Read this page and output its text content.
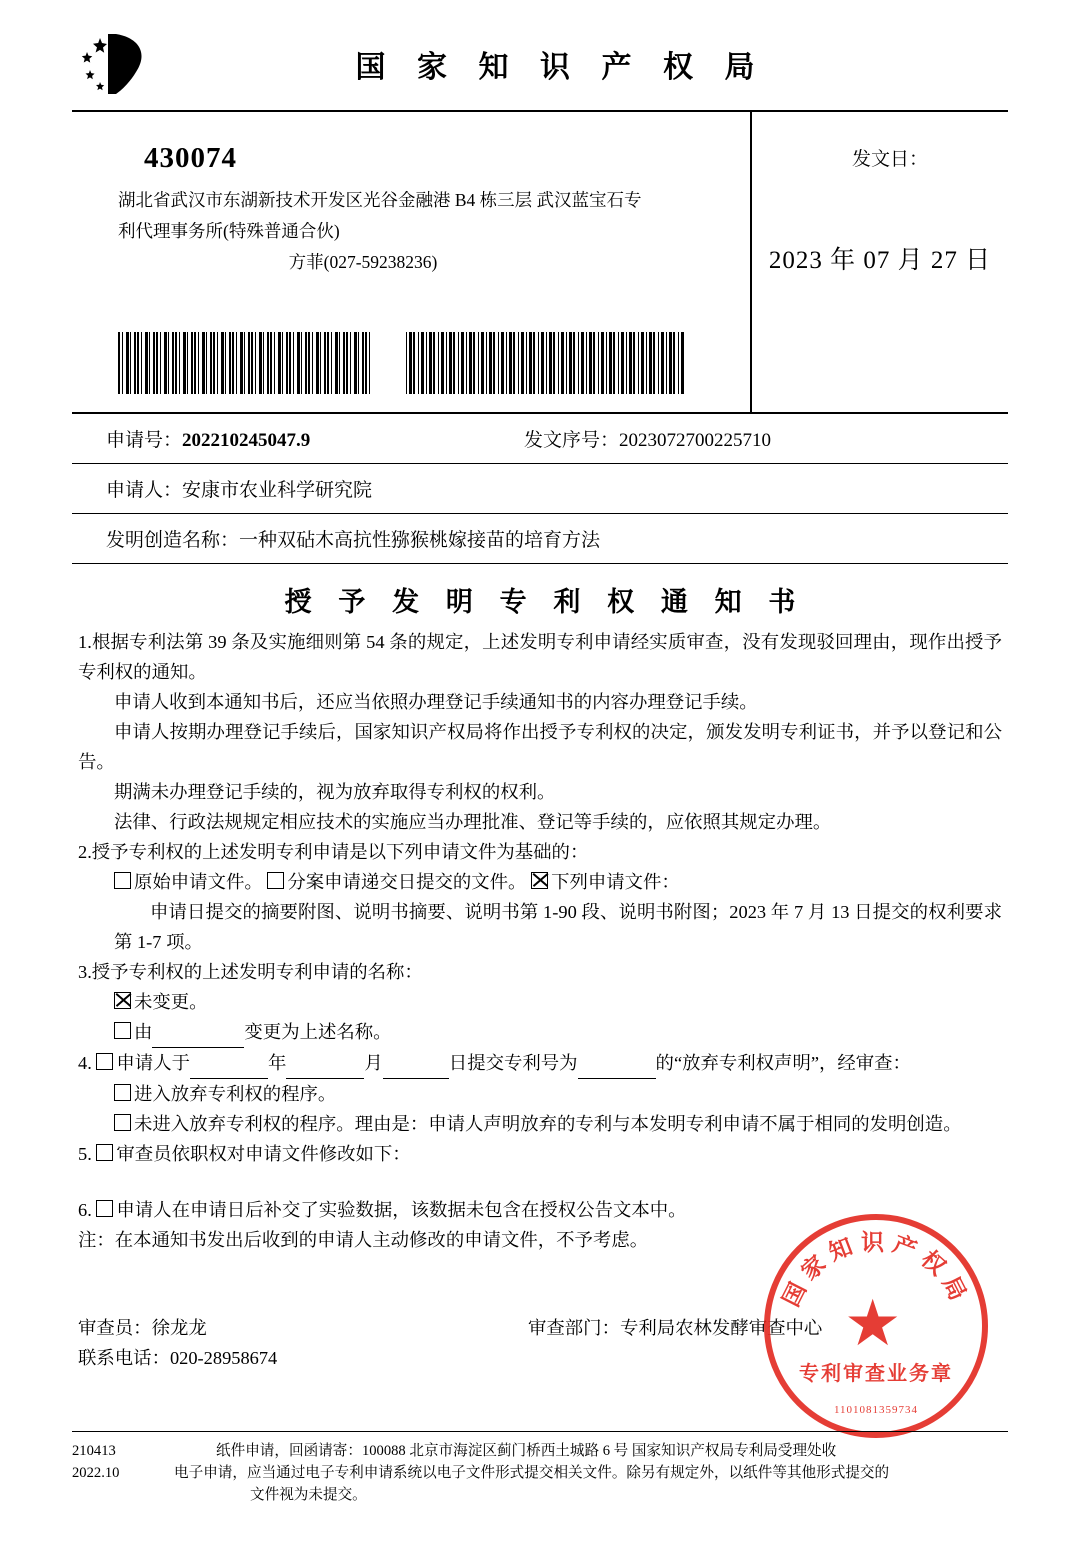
国 家 知 识 产 权 局
430074
湖北省武汉市东湖新技术开发区光谷金融港 B4 栋三层 武汉蓝宝石专
利代理事务所(特殊普通合伙)
方菲(027-59238236)
发文日：
2023 年 07 月 27 日
申请号：202210245047.9	发文序号：2023072700225710
申请人： 安康市农业科学研究院
发明创造名称： 一种双砧木高抗性猕猴桃嫁接苗的培育方法
授 予 发 明 专 利 权 通 知 书
1.根据专利法第 39 条及实施细则第 54 条的规定，上述发明专利申请经实质审查，没有发现驳回理由，现作出授予专利权的通知。
申请人收到本通知书后，还应当依照办理登记手续通知书的内容办理登记手续。
申请人按期办理登记手续后，国家知识产权局将作出授予专利权的决定，颁发发明专利证书，并予以登记和公告。
期满未办理登记手续的，视为放弃取得专利权的权利。
法律、行政法规规定相应技术的实施应当办理批准、登记等手续的，应依照其规定办理。
2.授予专利权的上述发明专利申请是以下列申请文件为基础的：
原始申请文件。 分案申请递交日提交的文件。 下列申请文件：
申请日提交的摘要附图、说明书摘要、说明书第 1-90 段、说明书附图；2023 年 7 月 13 日提交的权利要求第 1-7 项。
3.授予专利权的上述发明专利申请的名称：
未变更。
由	变更为上述名称。
4. 申请人于	年	月	日提交专利号为	的“放弃专利权声明”，经审查：
进入放弃专利权的程序。
未进入放弃专利权的程序。理由是：申请人声明放弃的专利与本发明专利申请不属于相同的发明创造。
5. 审查员依职权对申请文件修改如下：
6. 申请人在申请日后补交了实验数据，该数据未包含在授权公告文本中。
注：在本通知书发出后收到的申请人主动修改的申请文件，不予考虑。
审查员：徐龙龙	审查部门：专利局农林发酵审查中心
联系电话：020-28958674
国家知识产权局
专利审查业务章
1101081359734
210413
2022.10
纸件申请，回函请寄：100088 北京市海淀区蓟门桥西土城路 6 号 国家知识产权局专利局受理处收
电子申请，应当通过电子专利申请系统以电子文件形式提交相关文件。除另有规定外，以纸件等其他形式提交的
文件视为未提交。
